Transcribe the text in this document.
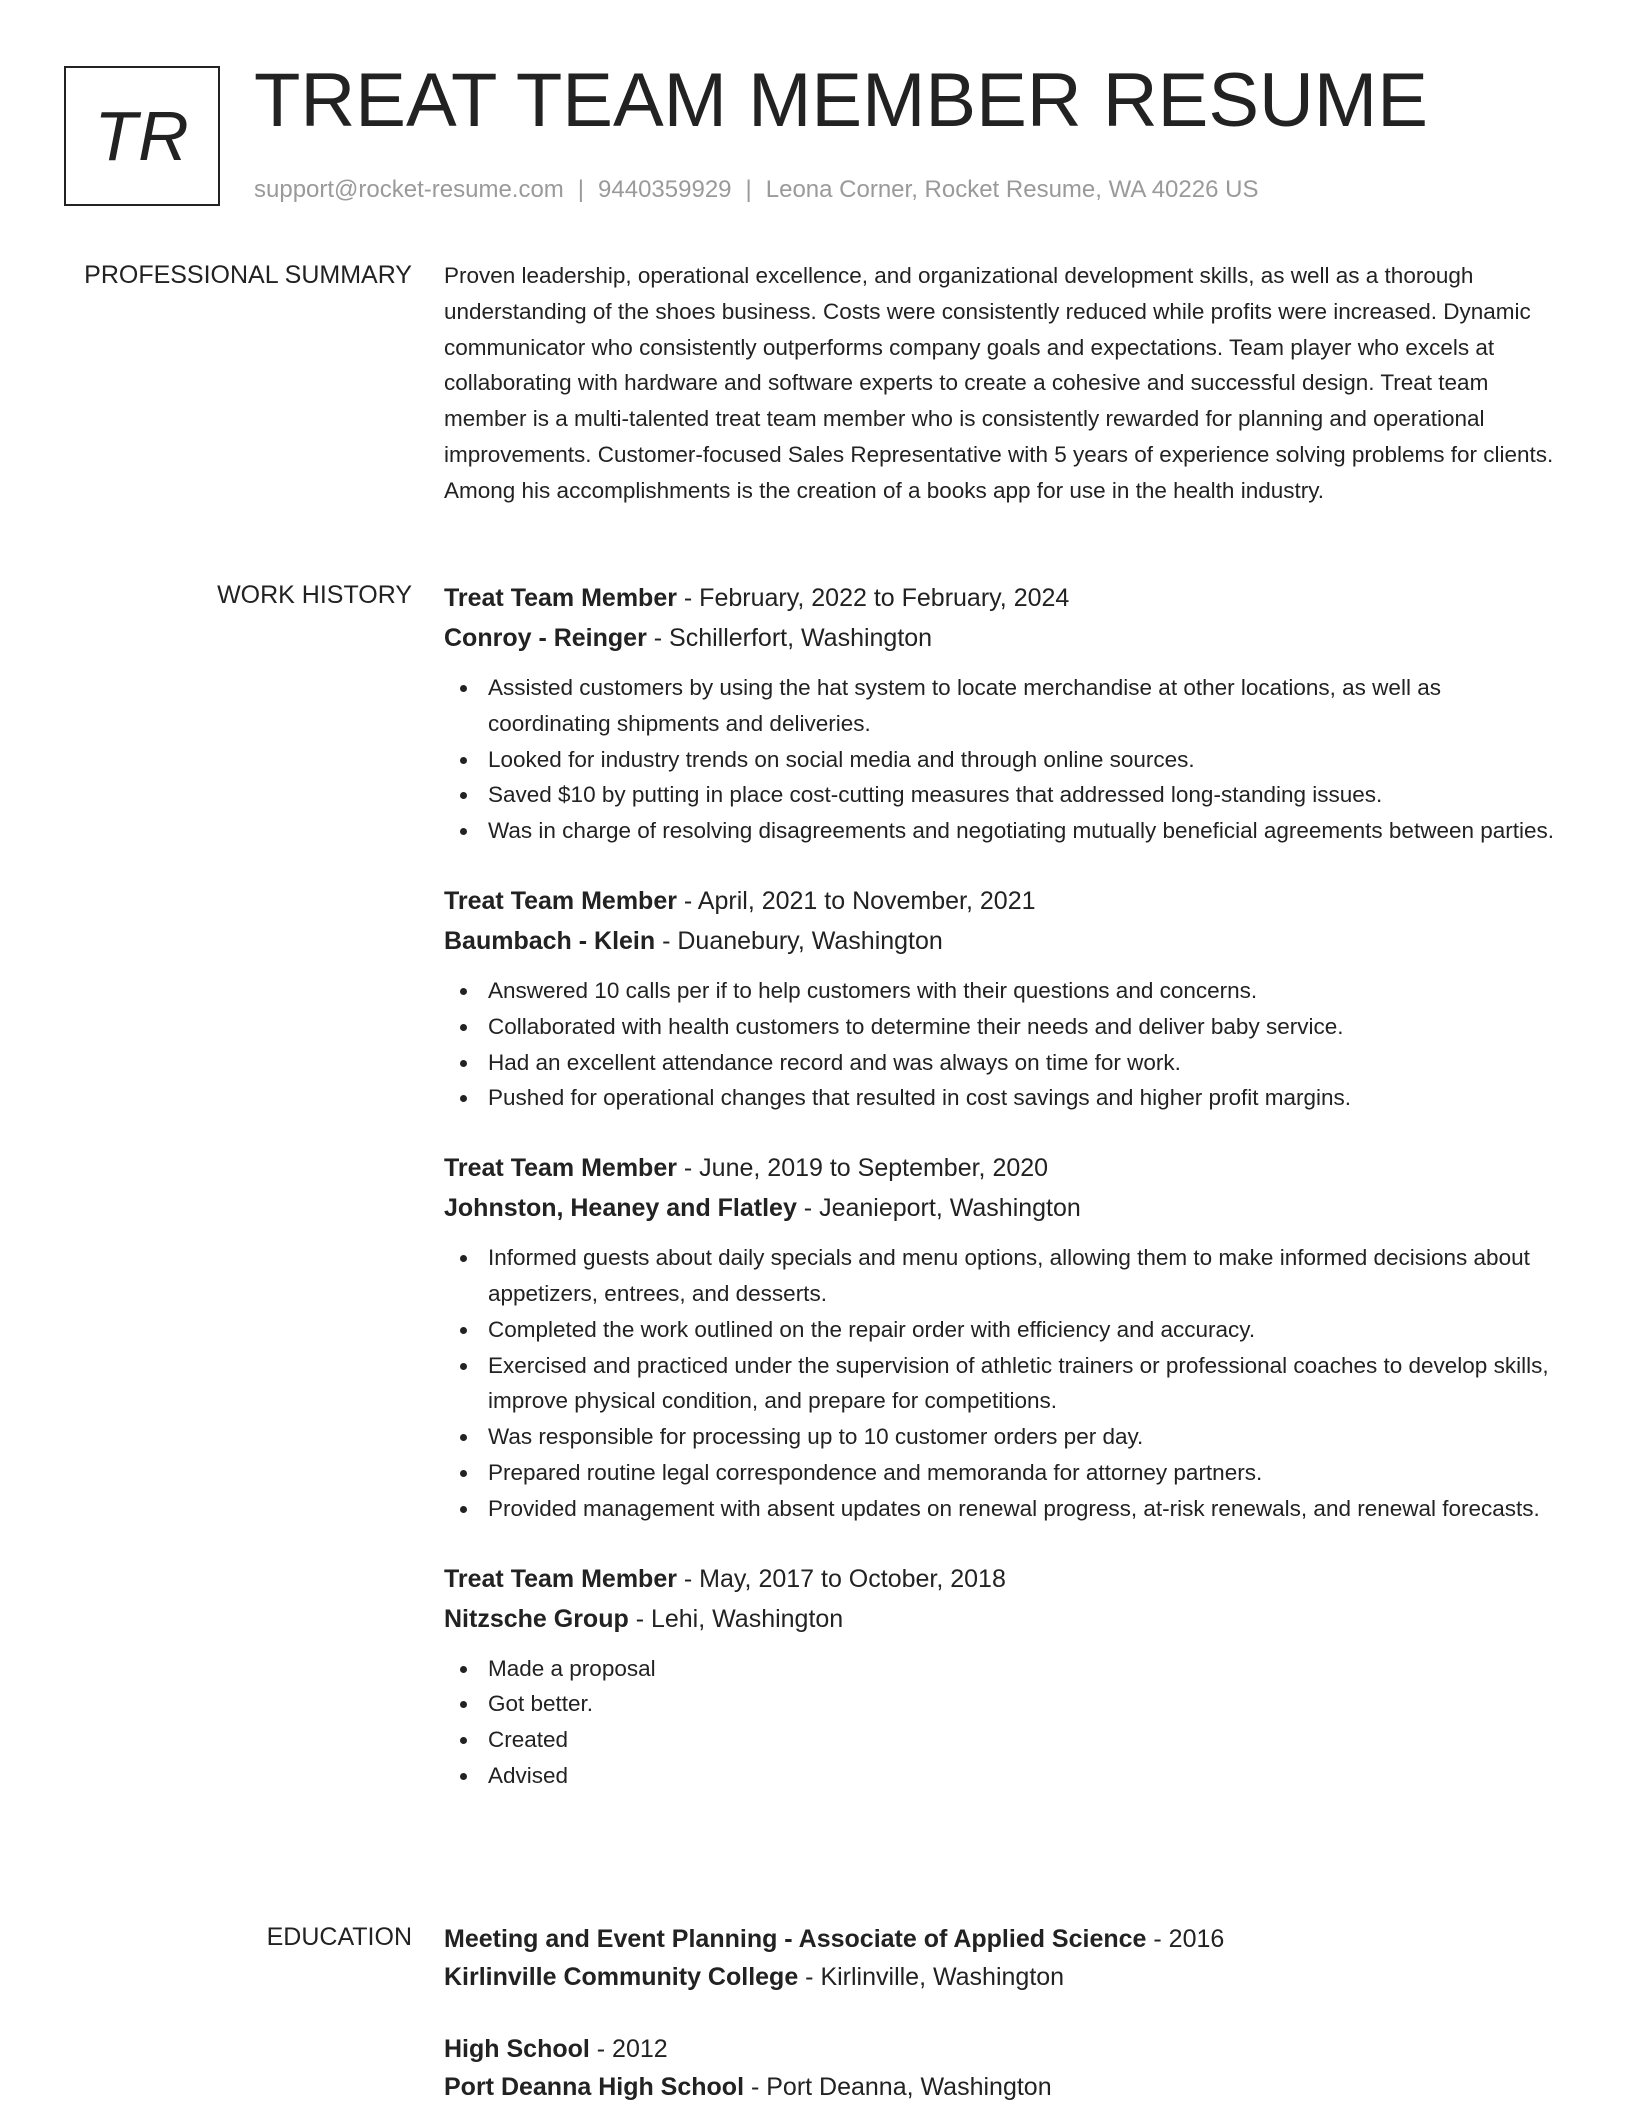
TR TREAT TEAM MEMBER RESUME
support@rocket-resume.com | 9440359929 | Leona Corner, Rocket Resume, WA 40226 US
PROFESSIONAL SUMMARY Proven leadership, operational excellence, and organizational development skills, as well as a thorough understanding of the shoes business. Costs were consistently reduced while profits were increased. Dynamic communicator who consistently outperforms company goals and expectations. Team player who excels at collaborating with hardware and software experts to create a cohesive and successful design. Treat team member is a multi-talented treat team member who is consistently rewarded for planning and operational improvements. Customer-focused Sales Representative with 5 years of experience solving problems for clients. Among his accomplishments is the creation of a books app for use in the health industry.

WORK HISTORY Treat Team Member - February, 2022 to February, 2024

Conroy - Reinger - Schillerfort, Washington

Assisted customers by using the hat system to locate merchandise at other locations, as well as coordinating shipments and deliveries.
Looked for industry trends on social media and through online sources.
Saved $10 by putting in place cost-cutting measures that addressed long-standing issues.
Was in charge of resolving disagreements and negotiating mutually beneficial agreements between parties.

Treat Team Member - April, 2021 to November, 2021

Baumbach - Klein - Duanebury, Washington

Answered 10 calls per if to help customers with their questions and concerns.
Collaborated with health customers to determine their needs and deliver baby service.
Had an excellent attendance record and was always on time for work.
Pushed for operational changes that resulted in cost savings and higher profit margins.

Treat Team Member - June, 2019 to September, 2020

Johnston, Heaney and Flatley - Jeanieport, Washington

Informed guests about daily specials and menu options, allowing them to make informed decisions about appetizers, entrees, and desserts.
Completed the work outlined on the repair order with efficiency and accuracy.
Exercised and practiced under the supervision of athletic trainers or professional coaches to develop skills, improve physical condition, and prepare for competitions.
Was responsible for processing up to 10 customer orders per day.
Prepared routine legal correspondence and memoranda for attorney partners.
Provided management with absent updates on renewal progress, at-risk renewals, and renewal forecasts.

Treat Team Member - May, 2017 to October, 2018

Nitzsche Group - Lehi, Washington

Made a proposal
Got better.
Created
Advised
EDUCATION Meeting and Event Planning - Associate of Applied Science - 2016

Kirlinville Community College - Kirlinville, Washington

High School - 2012

Port Deanna High School - Port Deanna, Washington
